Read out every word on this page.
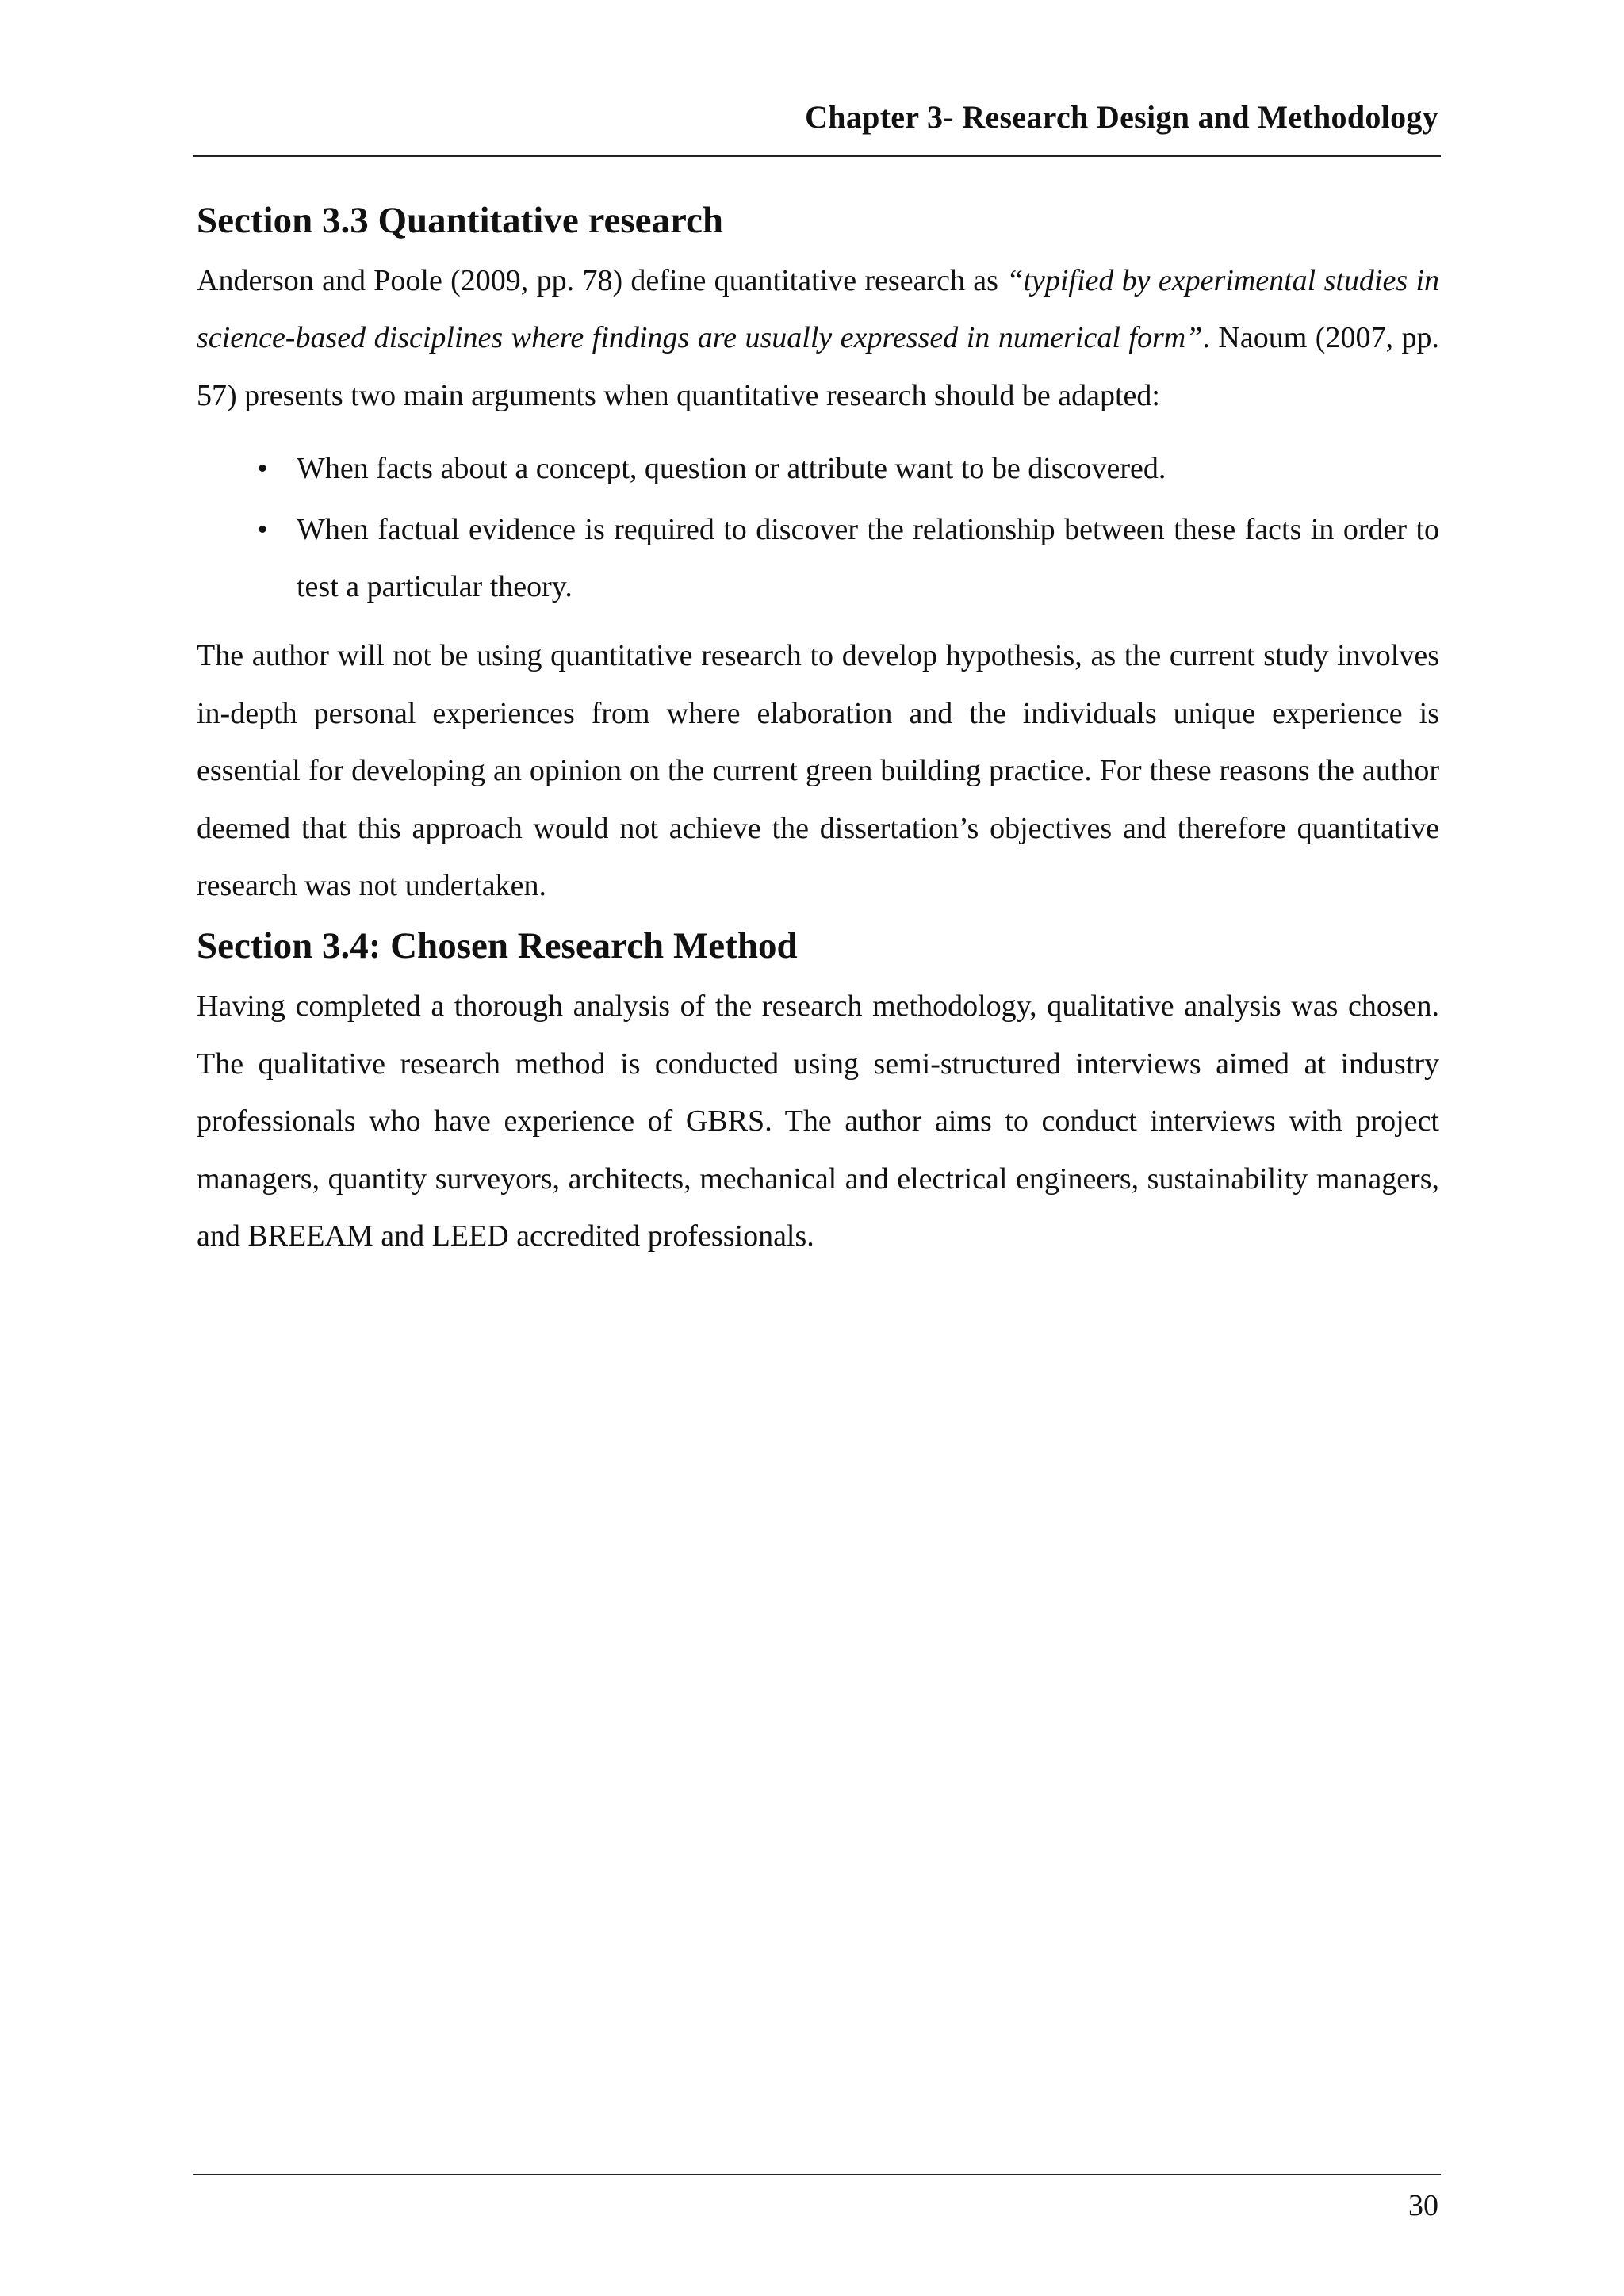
Chapter 3- Research Design and Methodology
Section 3.3 Quantitative research

Anderson and Poole (2009, pp. 78) define quantitative research as “typified by experimental studies in science-based disciplines where findings are usually expressed in numerical form”. Naoum (2007, pp. 57) presents two main arguments when quantitative research should be adapted:

• When facts about a concept, question or attribute want to be discovered.
• When factual evidence is required to discover the relationship between these facts in order to test a particular theory.

The author will not be using quantitative research to develop hypothesis, as the current study involves in-depth personal experiences from where elaboration and the individuals unique experience is essential for developing an opinion on the current green building practice. For these reasons the author deemed that this approach would not achieve the dissertation’s objectives and therefore quantitative research was not undertaken.

Section 3.4: Chosen Research Method

Having completed a thorough analysis of the research methodology, qualitative analysis was chosen. The qualitative research method is conducted using semi-structured interviews aimed at industry professionals who have experience of GBRS. The author aims to conduct interviews with project managers, quantity surveyors, architects, mechanical and electrical engineers, sustainability managers, and BREEAM and LEED accredited professionals.

30
